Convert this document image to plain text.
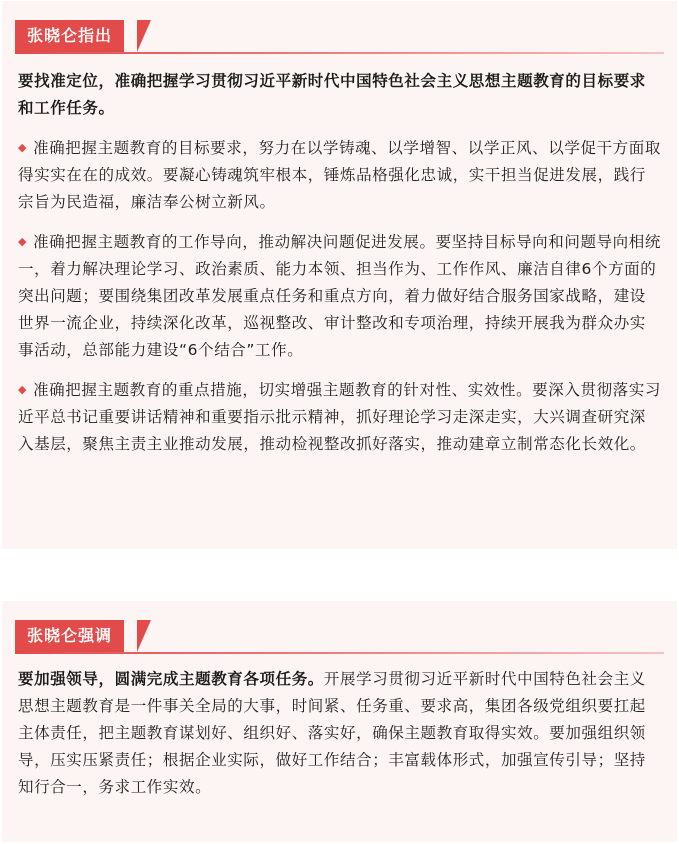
张晓仑指出

要找准定位，准确把握学习贯彻习近平新时代中国特色社会主义思想主题教育的目标要求和工作任务。

◆ 准确把握主题教育的目标要求，努力在以学铸魂、以学增智、以学正风、以学促干方面取得实实在在的成效。要凝心铸魂筑牢根本，锤炼品格强化忠诚，实干担当促进发展，践行宗旨为民造福，廉洁奉公树立新风。

◆ 准确把握主题教育的工作导向，推动解决问题促进发展。要坚持目标导向和问题导向相统一，着力解决理论学习、政治素质、能力本领、担当作为、工作作风、廉洁自律6个方面的突出问题；要围绕集团改革发展重点任务和重点方向，着力做好结合服务国家战略，建设世界一流企业，持续深化改革，巡视整改、审计整改和专项治理，持续开展我为群众办实事活动，总部能力建设“6个结合”工作。

◆ 准确把握主题教育的重点措施，切实增强主题教育的针对性、实效性。要深入贯彻落实习近平总书记重要讲话精神和重要指示批示精神，抓好理论学习走深走实，大兴调查研究深入基层，聚焦主责主业推动发展，推动检视整改抓好落实，推动建章立制常态化长效化。

张晓仑强调

要加强领导，圆满完成主题教育各项任务。开展学习贯彻习近平新时代中国特色社会主义思想主题教育是一件事关全局的大事，时间紧、任务重、要求高，集团各级党组织要扛起主体责任，把主题教育谋划好、组织好、落实好，确保主题教育取得实效。要加强组织领导，压实压紧责任；根据企业实际，做好工作结合；丰富载体形式，加强宣传引导；坚持知行合一，务求工作实效。
